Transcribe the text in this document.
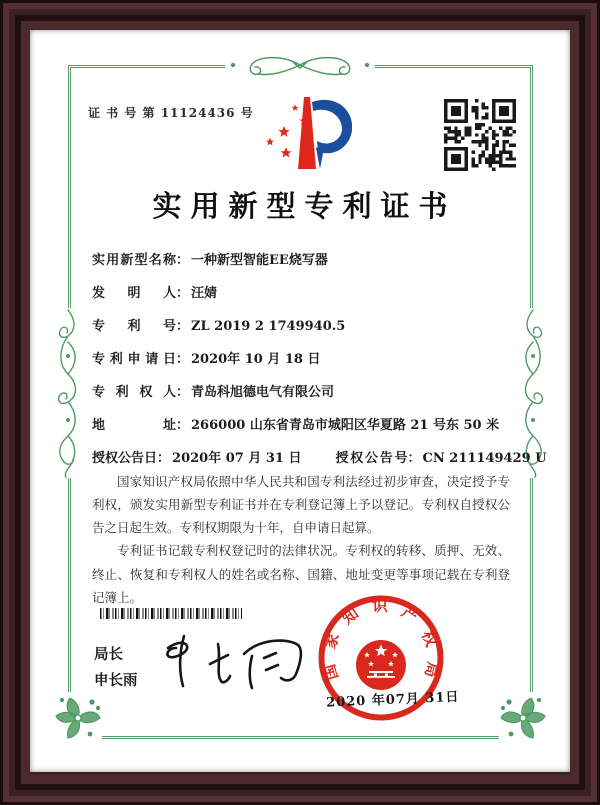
证 书 号 第 11124436 号
实用新型专利证书
实用新型名称 ： 一种新型智能EE烧写器
发明人 ： 汪婧
专利号 ： ZL 2019 2 1749940.5
专利申请日 ： 2020年 10 月 18 日
专利权人 ： 青岛科旭德电气有限公司
地址 ： 266000 山东省青岛市城阳区华夏路 21 号东 50 米
授权公告日 ： 2020年 07 月 31 日	授权公告号 ： CN 211149429 U

国家知识产权局依照中华人民共和国专利法经过初步审查，决定授予专利权，颁发实用新型专利证书并在专利登记簿上予以登记。专利权自授权公告之日起生效。专利权期限为十年，自申请日起算。

专利证书记载专利权登记时的法律状况。专利权的转移、质押、无效、终止、恢复和专利权人的姓名或名称、国籍、地址变更等事项记载在专利登记簿上。

局长
申长雨	国家知识产权局
2020 年07月 31日
